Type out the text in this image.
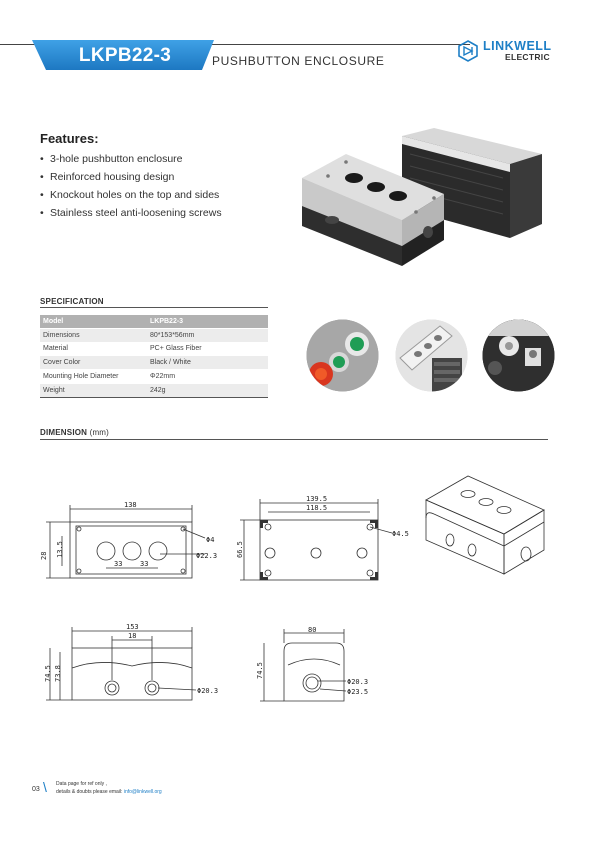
LKPB22-3	PUSHBUTTON ENCLOSURE
LINKWELL
ELECTRIC
Features:
• 3-hole pushbutton enclosure
• Reinforced housing design
• Knockout holes on the top and sides
• Stainless steel anti-loosening screws
SPECIFICATION
Model	LKPB22-3
Dimensions	80*153*56mm
Material	PC+ Glass Fiber
Cover Color	Black / White
Mounting Hole Diameter	Φ22mm
Weight	242g
DIMENSION (mm)
138
28 13.5
33	33
Φ4
Φ22.3
139.5
118.5
66.5
Φ4.5
153
18
74.5 73.8
Φ20.3
80
74.5
Φ20.3
Φ23.5
03 \ Data page for ref only ,
details & doubts please email: info@linkwell.org
